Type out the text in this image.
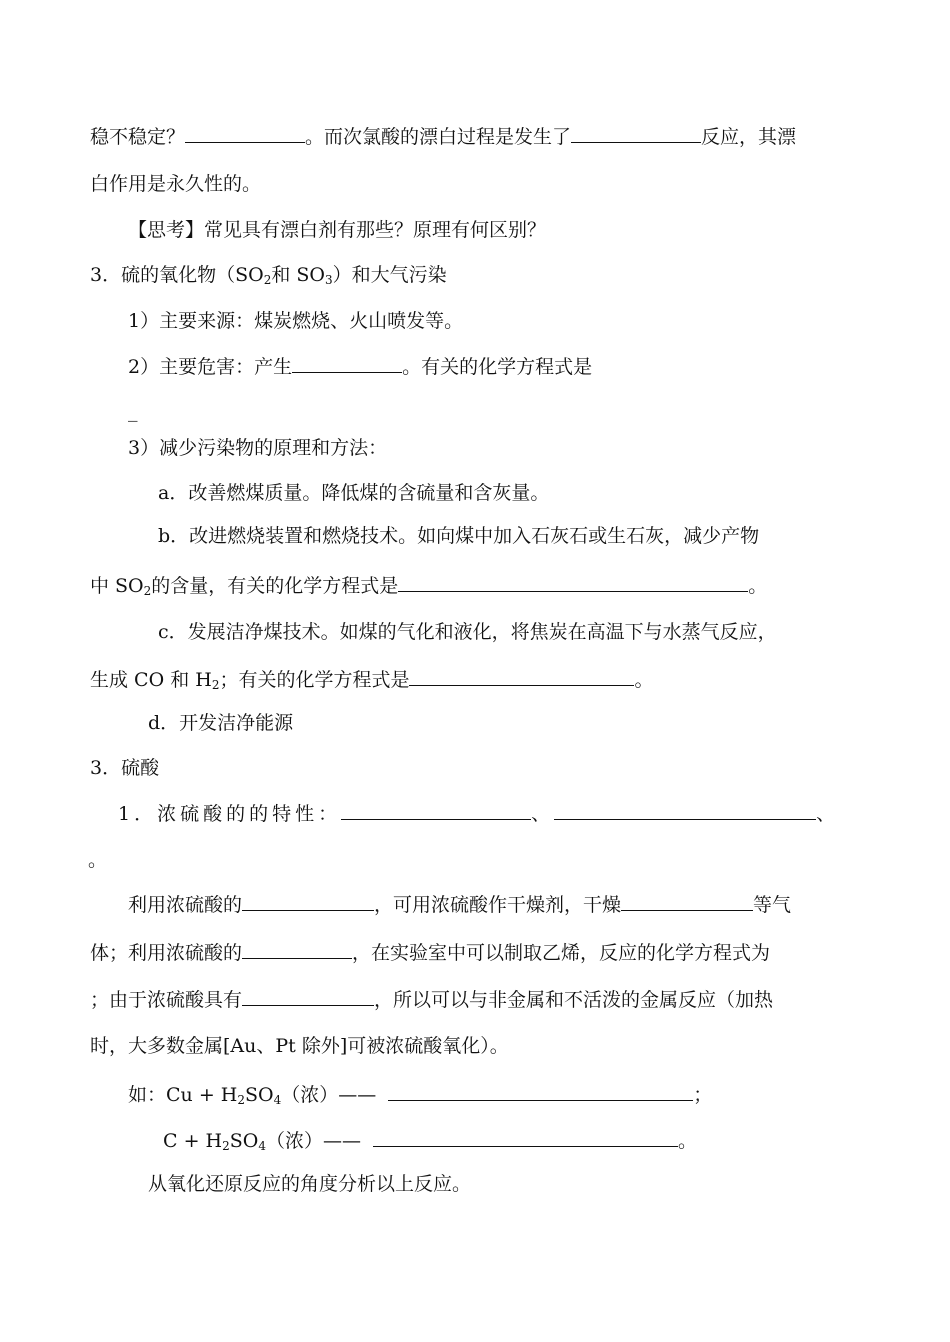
稳不稳定？	。而次氯酸的漂白过程是发生了	反应，其漂
白作用是永久性的。
【思考】常见具有漂白剂有那些？原理有何区别？
3．硫的氧化物（$SO_2$和 $SO_3$）和大气污染
1）主要来源：煤炭燃烧、火山喷发等。
2）主要危害：产生	。有关的化学方程式是
_
3）减少污染物的原理和方法：
a．改善燃煤质量。降低煤的含硫量和含灰量。
b．改进燃烧装置和燃烧技术。如向煤中加入石灰石或生石灰，减少产物
中 $SO_2$的含量，有关的化学方程式是	。
c．发展洁净煤技术。如煤的气化和液化，将焦炭在高温下与水蒸气反应，
生成 CO 和 $H_2$；有关的化学方程式是	。
d．开发洁净能源
3．硫酸
1．浓硫酸的的特性：	、	、
。
利用浓硫酸的	，可用浓硫酸作干燥剂，干燥	等气
体；利用浓硫酸的	，在实验室中可以制取乙烯，反应的化学方程式为
；由于浓硫酸具有	，所以可以与非金属和不活泼的金属反应（加热
时，大多数金属[Au、Pt 除外]可被浓硫酸氧化）。
如：$Cu + H_2SO_4$（浓）——	；
$C + H_2SO_4$（浓）——	。
从氧化还原反应的角度分析以上反应。
